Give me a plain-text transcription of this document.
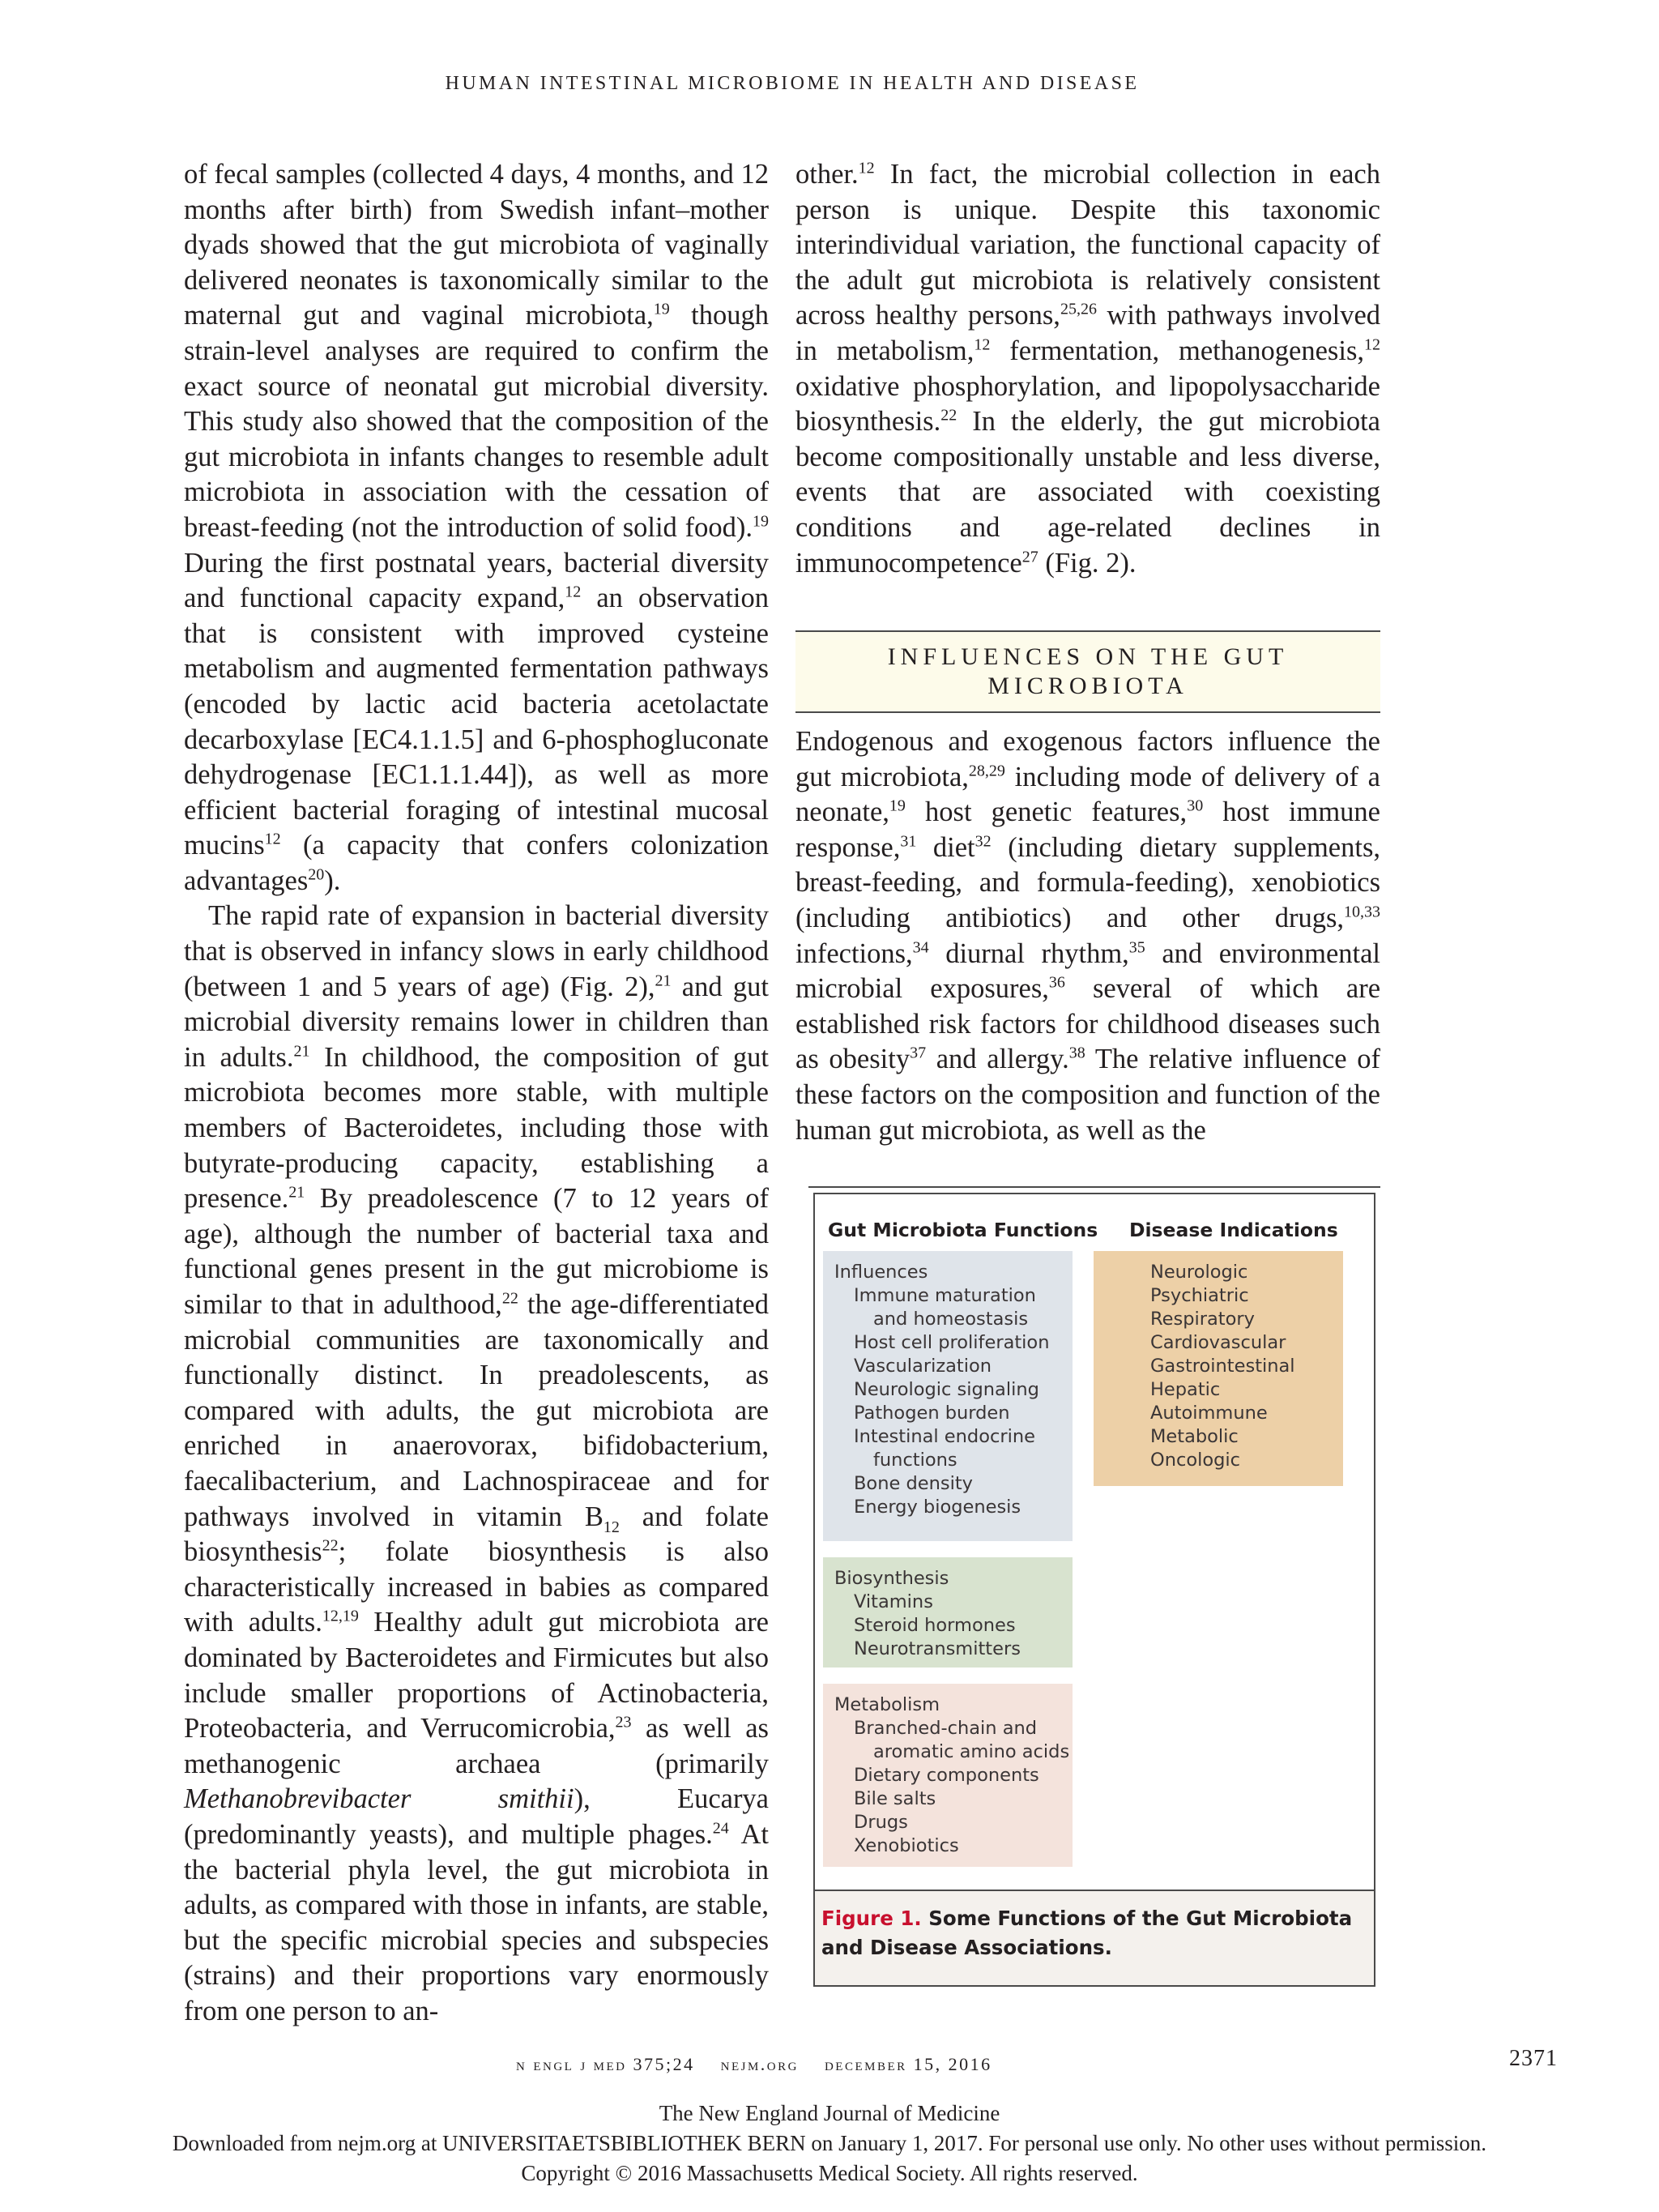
HUMAN INTESTINAL MICROBIOME IN HEALTH AND DISEASE

of fecal samples (collected 4 days, 4 months, and 12 months after birth) from Swedish infant–mother dyads showed that the gut microbiota of vaginally delivered neonates is taxonomically similar to the maternal gut and vaginal microbiota,$^{19}$ though strain-level analyses are required to confirm the exact source of neonatal gut microbial diversity. This study also showed that the composition of the gut microbiota in infants changes to resemble adult microbiota in association with the cessation of breast-feeding (not the introduction of solid food).$^{19}$ During the first postnatal years, bacterial diversity and functional capacity expand,$^{12}$ an observation that is consistent with improved cysteine metabolism and augmented fermentation pathways (encoded by lactic acid bacteria acetolactate decarboxylase [EC4.1.1.5] and 6-phosphogluconate dehydrogenase [EC1.1.1.44]), as well as more efficient bacterial foraging of intestinal mucosal mucins$^{12}$ (a capacity that confers colonization advantages$^{20}$).

The rapid rate of expansion in bacterial diversity that is observed in infancy slows in early childhood (between 1 and 5 years of age) (Fig. 2),$^{21}$ and gut microbial diversity remains lower in children than in adults.$^{21}$ In childhood, the composition of gut microbiota becomes more stable, with multiple members of Bacteroidetes, including those with butyrate-producing capacity, establishing a presence.$^{21}$ By preadolescence (7 to 12 years of age), although the number of bacterial taxa and functional genes present in the gut microbiome is similar to that in adulthood,$^{22}$ the age-differentiated microbial communities are taxonomically and functionally distinct. In preadolescents, as compared with adults, the gut microbiota are enriched in anaerovorax, bifidobacterium, faecalibacterium, and Lachnospiraceae and for pathways involved in vitamin $B_{12}$ and folate biosynthesis$^{22}$; folate biosynthesis is also characteristically increased in babies as compared with adults.$^{12,19}$ Healthy adult gut microbiota are dominated by Bacteroidetes and Firmicutes but also include smaller proportions of Actinobacteria, Proteobacteria, and Verrucomicrobia,$^{23}$ as well as methanogenic archaea (primarily Methanobrevibacter smithii), Eucarya (predominantly yeasts), and multiple phages.$^{24}$ At the bacterial phyla level, the gut microbiota in adults, as compared with those in infants, are stable, but the specific microbial species and subspecies (strains) and their proportions vary enormously from one person to an-

other.$^{12}$ In fact, the microbial collection in each person is unique. Despite this taxonomic interindividual variation, the functional capacity of the adult gut microbiota is relatively consistent across healthy persons,$^{25,26}$ with pathways involved in metabolism,$^{12}$ fermentation, methanogenesis,$^{12}$ oxidative phosphorylation, and lipopolysaccharide biosynthesis.$^{22}$ In the elderly, the gut microbiota become compositionally unstable and less diverse, events that are associated with coexisting conditions and age-related declines in immunocompetence$^{27}$ (Fig. 2).

INFLUENCES ON THE GUT MICROBIOTA

Endogenous and exogenous factors influence the gut microbiota,$^{28,29}$ including mode of delivery of a neonate,$^{19}$ host genetic features,$^{30}$ host immune response,$^{31}$ diet$^{32}$ (including dietary supplements, breast-feeding, and formula-feeding), xenobiotics (including antibiotics) and other drugs,$^{10,33}$ infections,$^{34}$ diurnal rhythm,$^{35}$ and environmental microbial exposures,$^{36}$ several of which are established risk factors for childhood diseases such as obesity$^{37}$ and allergy.$^{38}$ The relative influence of these factors on the composition and function of the human gut microbiota, as well as the

Gut Microbiota Functions Disease Indications
Influences
Immune maturation
and homeostasis
Host cell proliferation
Vascularization
Neurologic signaling
Pathogen burden
Intestinal endocrine
functions
Bone density
Energy biogenesis
Biosynthesis
Vitamins
Steroid hormones
Neurotransmitters
Metabolism
Branched-chain and
aromatic amino acids
Dietary components
Bile salts
Drugs
Xenobiotics
Neurologic
Psychiatric
Respiratory
Cardiovascular
Gastrointestinal
Hepatic
Autoimmune
Metabolic
Oncologic
Figure 1. Some Functions of the Gut Microbiota and Disease Associations.
n engl j med 375;24    nejm.org    december 15, 2016	2371
The New England Journal of Medicine
Downloaded from nejm.org at UNIVERSITAETSBIBLIOTHEK BERN on January 1, 2017. For personal use only. No other uses without permission.
Copyright © 2016 Massachusetts Medical Society. All rights reserved.
